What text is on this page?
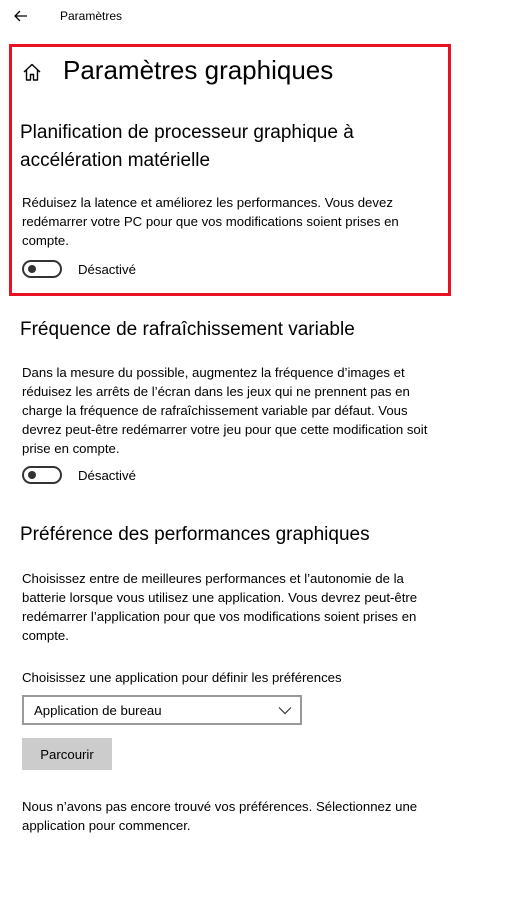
Paramètres
Paramètres graphiques
Planification de processeur graphique à
accélération matérielle
Réduisez la latence et améliorez les performances. Vous devez
redémarrer votre PC pour que vos modifications soient prises en
compte.
Désactivé
Fréquence de rafraîchissement variable
Dans la mesure du possible, augmentez la fréquence d’images et
réduisez les arrêts de l’écran dans les jeux qui ne prennent pas en
charge la fréquence de rafraîchissement variable par défaut. Vous
devrez peut-être redémarrer votre jeu pour que cette modification soit
prise en compte.
Désactivé
Préférence des performances graphiques
Choisissez entre de meilleures performances et l’autonomie de la
batterie lorsque vous utilisez une application. Vous devrez peut-être
redémarrer l’application pour que vos modifications soient prises en
compte.
Choisissez une application pour définir les préférences
Application de bureau
Parcourir
Nous n’avons pas encore trouvé vos préférences. Sélectionnez une
application pour commencer.
